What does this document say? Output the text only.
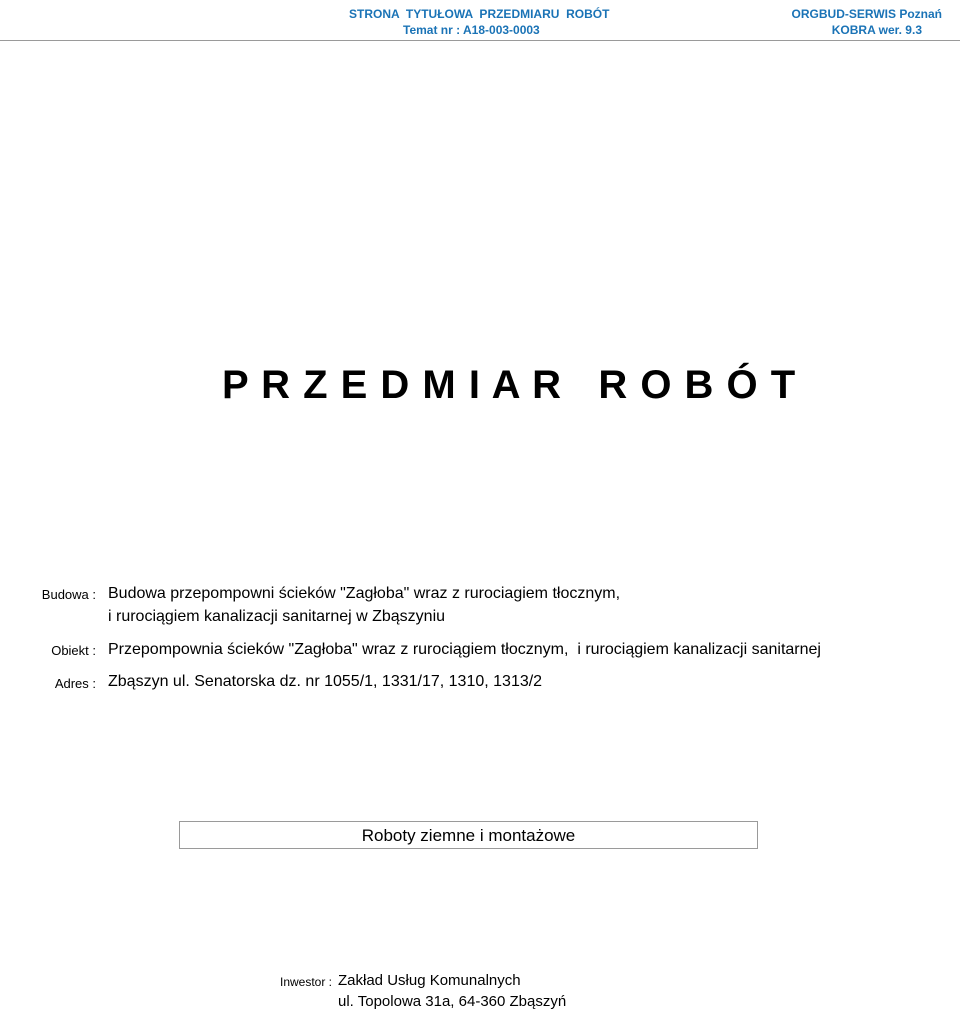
STRONA  TYTUŁOWA  PRZEDMIARU  ROBÓT
Temat nr : A18-003-0003
ORGBUD-SERWIS Poznań
KOBRA wer. 9.3
P R Z E D M I A R   R O B Ó T
Budowa : Budowa przepompowni ścieków "Zagłoba" wraz z rurociagiem tłocznym,
i rurociągiem kanalizacji sanitarnej w Zbąszyniu
Obiekt : Przepompownia ścieków "Zagłoba" wraz z rurociągiem tłocznym,  i rurociągiem kanalizacji sanitarnej
Adres : Zbąszyn ul. Senatorska dz. nr 1055/1, 1331/17, 1310, 1313/2
Roboty ziemne i montażowe
Inwestor : Zakład Usług Komunalnych
ul. Topolowa 31a, 64-360 Zbąszyń
